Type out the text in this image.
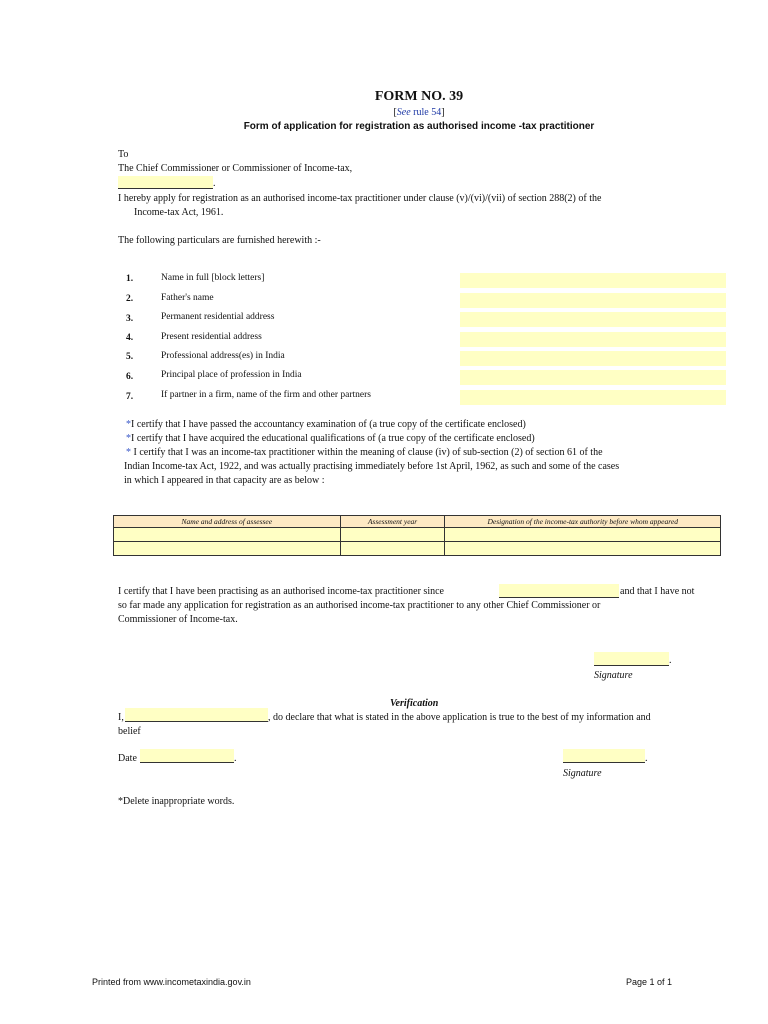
FORM NO. 39
[See rule 54]
Form of application for registration as authorised income -tax practitioner
To
The Chief Commissioner or Commissioner of Income-tax,
.
I hereby apply for registration as an authorised income-tax practitioner under clause (v)/(vi)/(vii) of section 288(2) of the
Income-tax Act, 1961.
The following particulars are furnished herewith :-
1.	Name in full [block letters]
2.	Father's name
3.	Permanent residential address
4.	Present residential address
5.	Professional address(es) in India
6.	Principal place of profession in India
7.	If partner in a firm, name of the firm and other partners
*I certify that I have passed the accountancy examination of (a true copy of the certificate enclosed)
*I certify that I have acquired the educational qualifications of (a true copy of the certificate enclosed)
* I certify that I was an income-tax practitioner within the meaning of clause (iv) of sub-section (2) of section 61 of the
Indian Income-tax Act, 1922, and was actually practising immediately before 1st April, 1962, as such and some of the cases
in which I appeared in that capacity are as below :
Name and address of assessee	Assessment year	Designation of the income-tax authority before whom appeared

I certify that I have been practising as an authorised income-tax practitioner since	and that I have not
so far made any application for registration as an authorised income-tax practitioner to any other Chief Commissioner or
Commissioner of Income-tax.
.
Signature
Verification
I,	, do declare that what is stated in the above application is true to the best of my information and
belief
Date	.	.
Signature
*Delete inappropriate words.
Printed from www.incometaxindia.gov.in	Page 1 of 1
